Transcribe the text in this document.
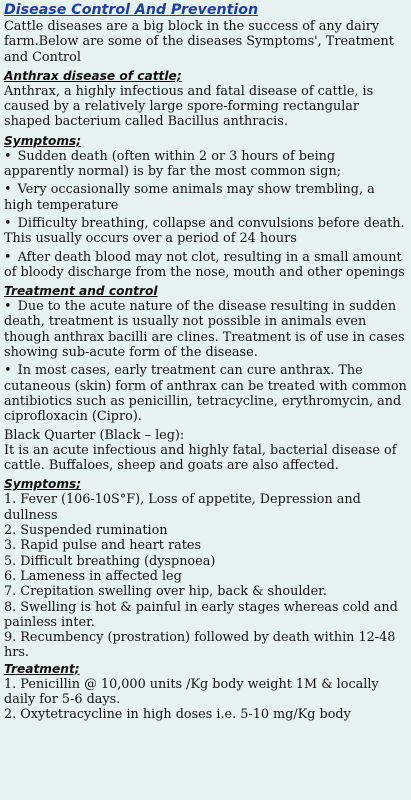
Disease Control And Prevention

Cattle diseases are a big block in the success of any dairy farm.Below are some of the diseases Symptoms', Treatment and Control

Anthrax disease of cattle;

Anthrax, a highly infectious and fatal disease of cattle, is caused by a relatively large spore-forming rectangular shaped bacterium called Bacillus anthracis.

Symptoms;

• Sudden death (often within 2 or 3 hours of being apparently normal) is by far the most common sign;

• Very occasionally some animals may show trembling, a high temperature

• Difficulty breathing, collapse and convulsions before death. This usually occurs over a period of 24 hours

• After death blood may not clot, resulting in a small amount of bloody discharge from the nose, mouth and other openings

Treatment and control

• Due to the acute nature of the disease resulting in sudden death, treatment is usually not possible in animals even though anthrax bacilli are clines. Treatment is of use in cases showing sub-acute form of the disease.

• In most cases, early treatment can cure anthrax. The cutaneous (skin) form of anthrax can be treated with common antibiotics such as penicillin, tetracycline, erythromycin, and ciprofloxacin (Cipro).

Black Quarter (Black – leg):

It is an acute infectious and highly fatal, bacterial disease of cattle. Buffaloes, sheep and goats are also affected.

Symptoms;

1. Fever (106-10S°F), Loss of appetite, Depression and dullness

2. Suspended rumination

3. Rapid pulse and heart rates

5. Difficult breathing (dyspnoea)

6. Lameness in affected leg

7. Crepitation swelling over hip, back & shoulder.

8. Swelling is hot & painful in early stages whereas cold and painless inter.

9. Recumbency (prostration) followed by death within 12-48 hrs.

Treatment;

1. Penicillin @ 10,000 units /Kg body weight 1M & locally daily for 5-6 days.

2. Oxytetracycline in high doses i.e. 5-10 mg/Kg body
